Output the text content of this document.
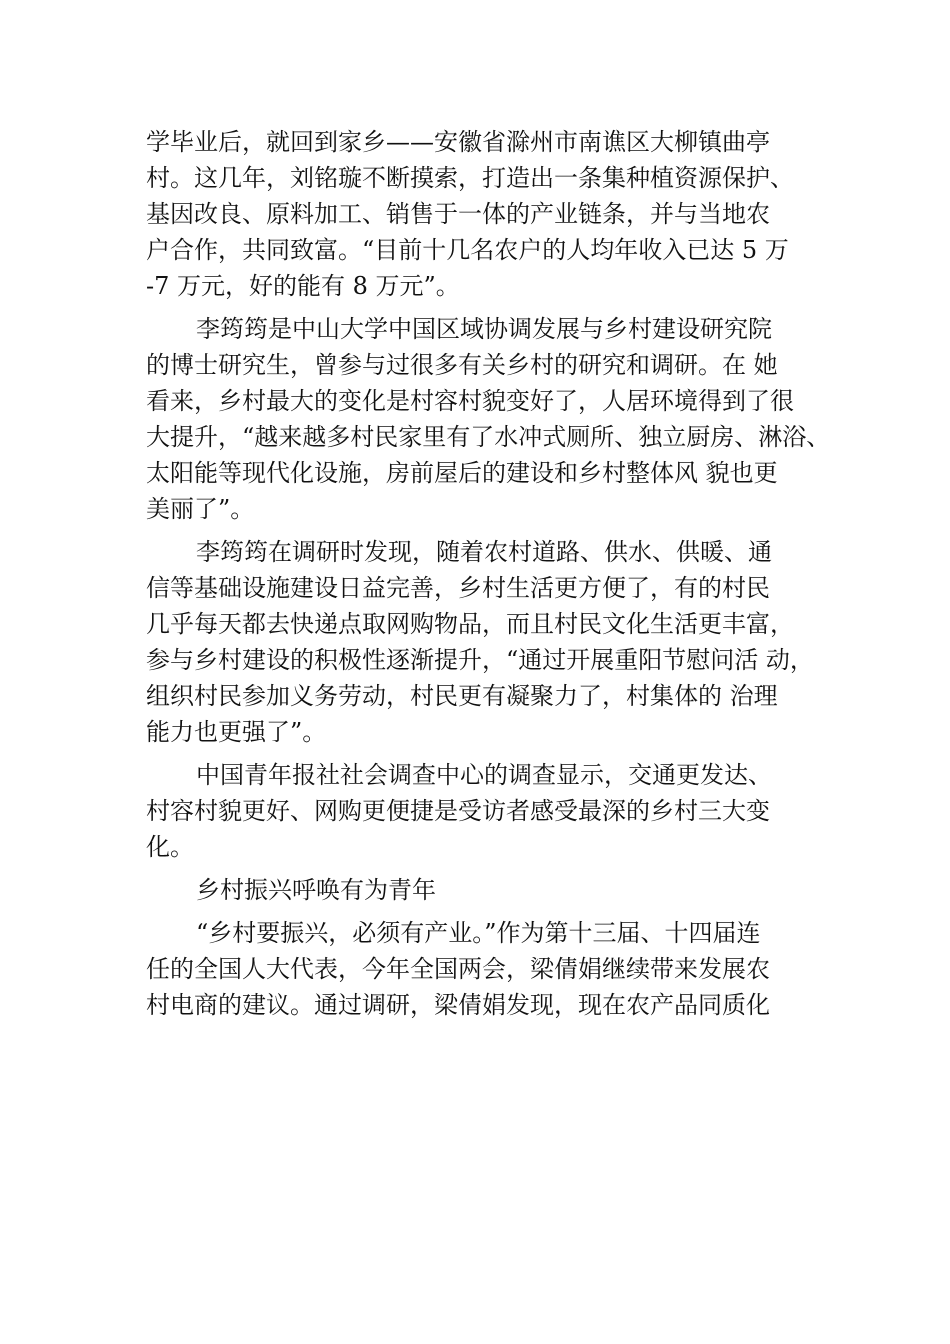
学毕业后，就回到家乡——安徽省滁州市南谯区大柳镇曲亭
村。这几年，刘铭璇不断摸索，打造出一条集种植资源保护、
基因改良、原料加工、销售于一体的产业链条，并与当地农
户合作，共同致富。“目前十几名农户的人均年收入已达 5 万
-7 万元，好的能有 8 万元”。
李筠筠是中山大学中国区域协调发展与乡村建设研究院
的博士研究生，曾参与过很多有关乡村的研究和调研。在 她
看来，乡村最大的变化是村容村貌变好了，人居环境得到了很
大提升，“越来越多村民家里有了水冲式厕所、独立厨房、淋浴、
太阳能等现代化设施，房前屋后的建设和乡村整体风 貌也更
美丽了”。
李筠筠在调研时发现，随着农村道路、供水、供暖、通
信等基础设施建设日益完善，乡村生活更方便了，有的村民
几乎每天都去快递点取网购物品，而且村民文化生活更丰富，
参与乡村建设的积极性逐渐提升，“通过开展重阳节慰问活 动，
组织村民参加义务劳动，村民更有凝聚力了，村集体的 治理
能力也更强了”。
中国青年报社社会调查中心的调查显示，交通更发达、
村容村貌更好、网购更便捷是受访者感受最深的乡村三大变
化。
乡村振兴呼唤有为青年
“乡村要振兴，必须有产业。”作为第十三届、十四届连
任的全国人大代表，今年全国两会，梁倩娟继续带来发展农
村电商的建议。通过调研，梁倩娟发现，现在农产品同质化
